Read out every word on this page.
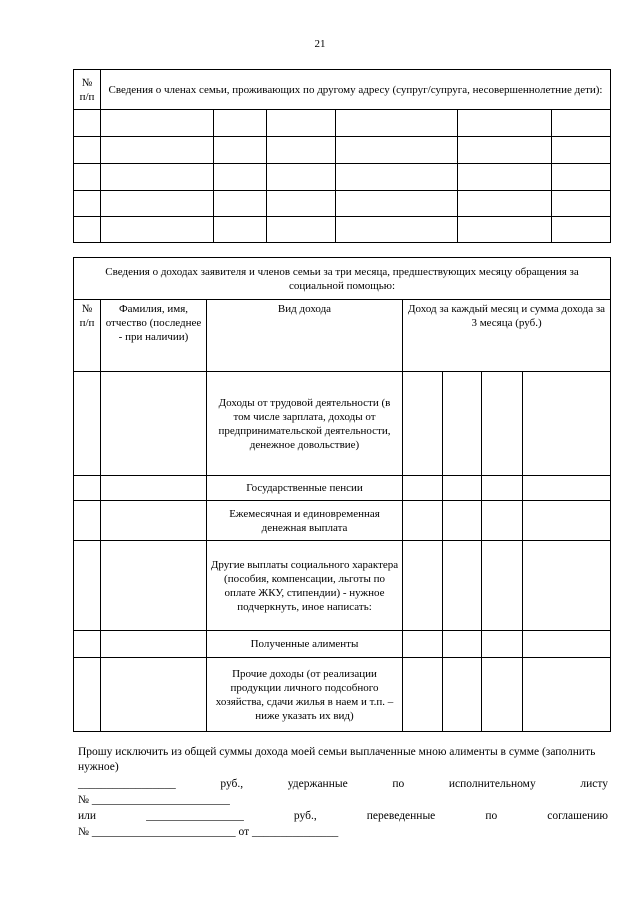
21
№ п/п	Сведения о членах семьи, проживающих по другому адресу (супруг/супруга, несовершеннолетние дети):					

Сведения о доходах заявителя и членов семьи за три месяца, предшествующих месяцу обращения за социальной помощью:						
№ п/п	Фамилия, имя, отчество (последнее - при наличии)	Вид дохода	Доход за каждый месяц и сумма дохода за 3 месяца (руб.)			
		Доходы от трудовой деятельности (в том числе зарплата, доходы от предпринимательской деятельности, денежное довольствие)				
		Государственные пенсии				
		Ежемесячная и единовременная денежная выплата				
		Другие выплаты социального характера (пособия, компенсации, льготы по оплате ЖКУ, стипендии) - нужное подчеркнуть, иное написать:				
		Полученные алименты				
		Прочие доходы (от реализации продукции личного подсобного хозяйства, сдачи жилья в наем и т.п. – ниже указать их вид)				
Прошу исключить из общей суммы дохода моей семьи выплаченные мною алименты в сумме (заполнить нужное)
_________________	руб.,	удержанные	по	исполнительному	листу
№ ________________________
или	_________________	руб.,	переведенные	по	соглашению
№ _________________________ от _______________
